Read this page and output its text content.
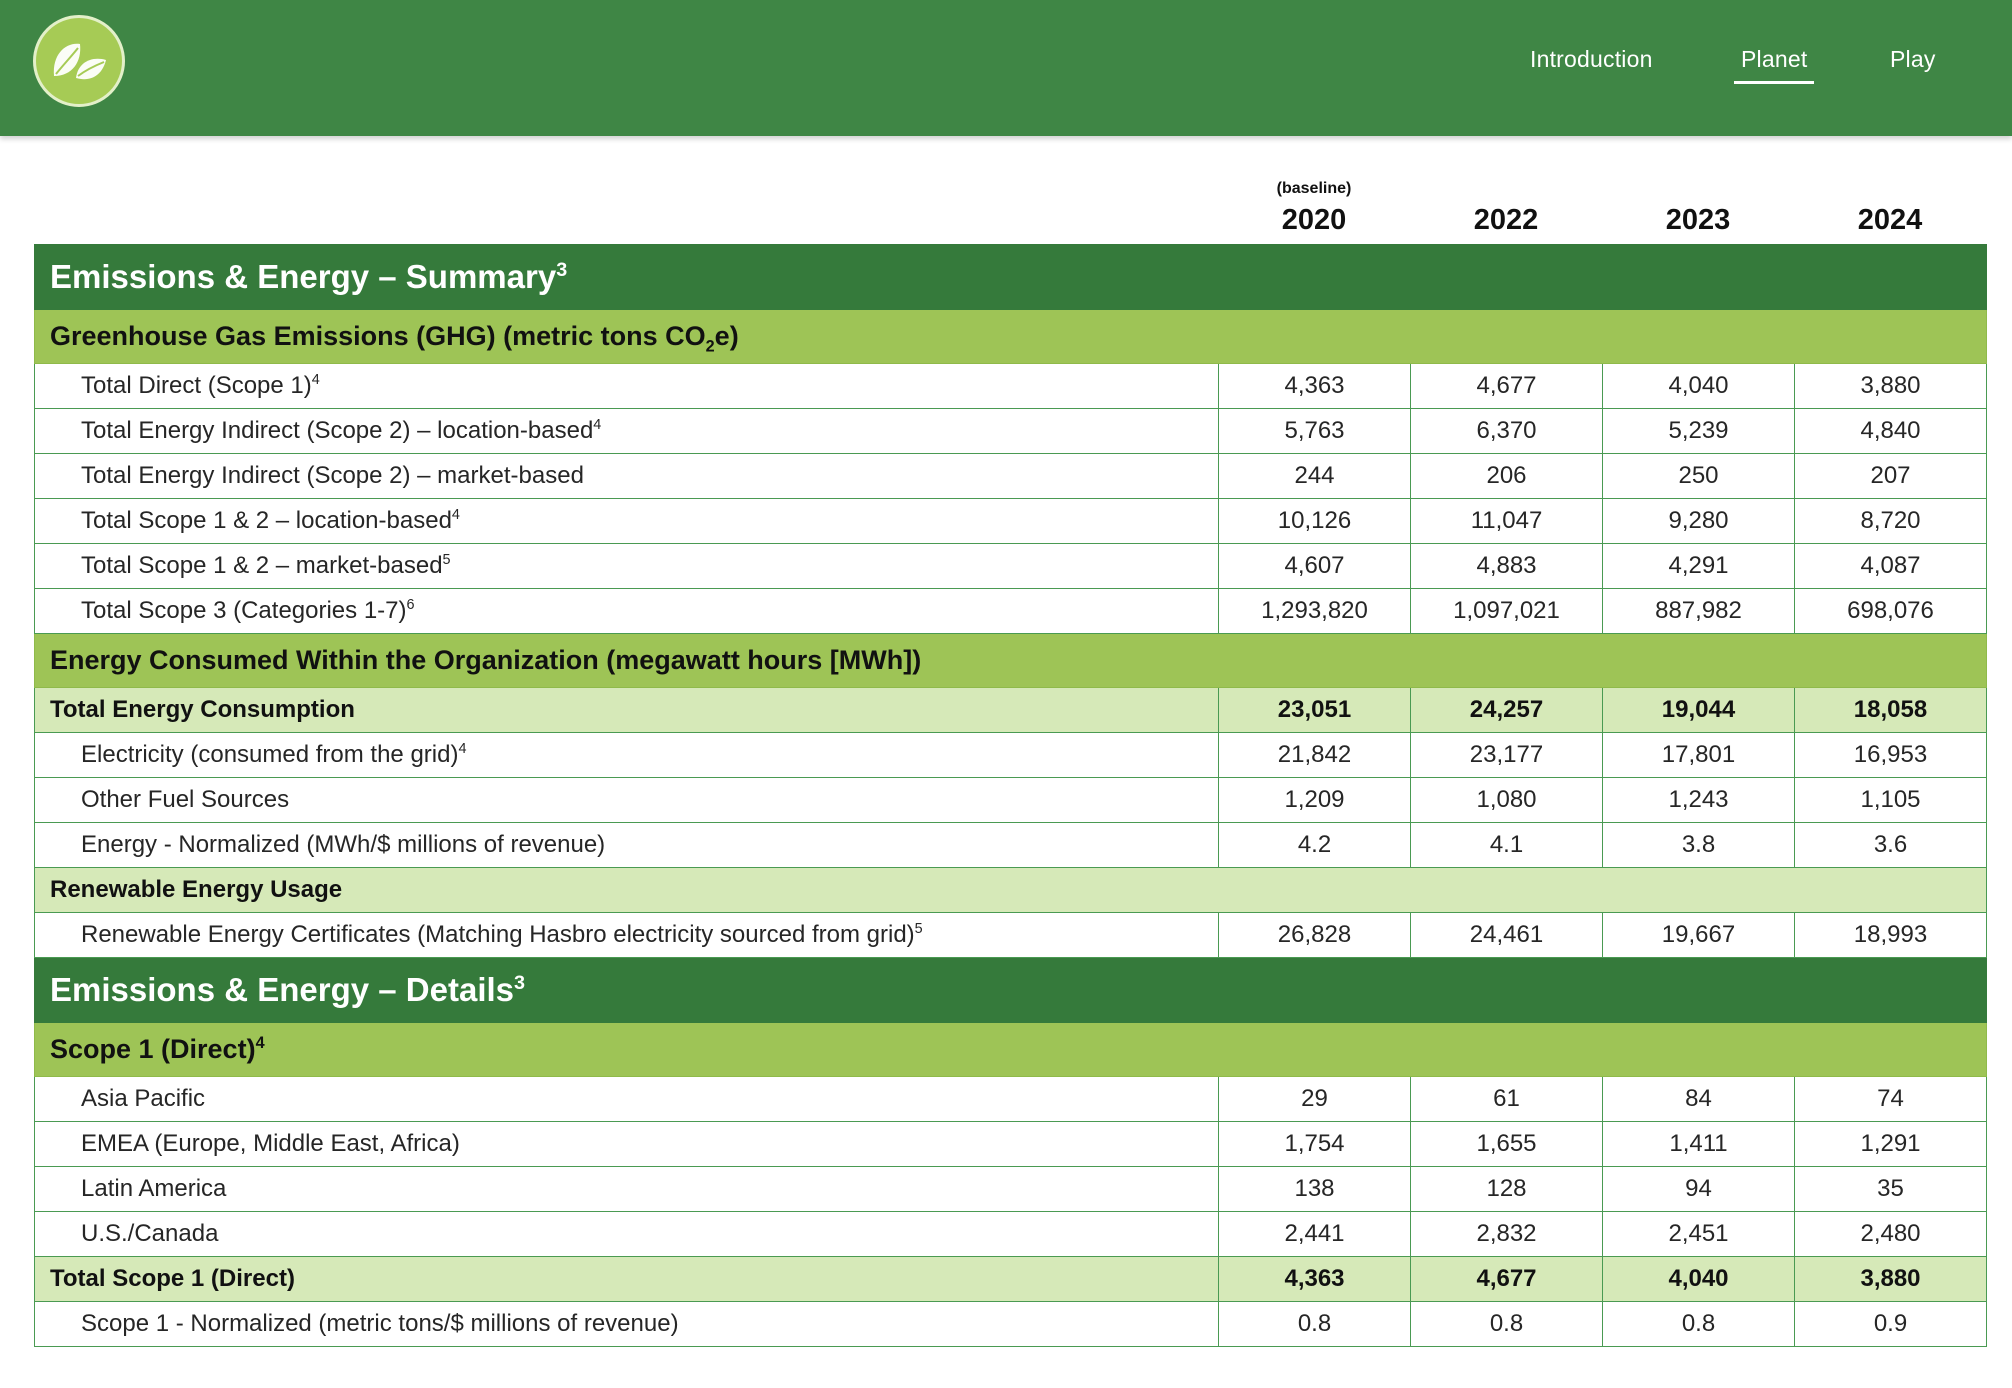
Introduction	Planet	Play
(baseline)
2020	2022	2023	2024
Emissions & Energy – Summary$^3$
Greenhouse Gas Emissions (GHG) (metric tons $CO_2e$)				
Total Direct (Scope 1)$^4$	4,363	4,677	4,040	3,880
Total Energy Indirect (Scope 2) – location-based$^4$	5,763	6,370	5,239	4,840
Total Energy Indirect (Scope 2) – market-based	244	206	250	207
Total Scope 1 & 2 – location-based$^4$	10,126	11,047	9,280	8,720
Total Scope 1 & 2 – market-based$^5$	4,607	4,883	4,291	4,087
Total Scope 3 (Categories 1-7)$^6$	1,293,820	1,097,021	887,982	698,076
Energy Consumed Within the Organization (megawatt hours [MWh])				
Total Energy Consumption	23,051	24,257	19,044	18,058
Electricity (consumed from the grid)$^4$	21,842	23,177	17,801	16,953
Other Fuel Sources	1,209	1,080	1,243	1,105
Energy - Normalized (MWh/$ millions of revenue)	4.2	4.1	3.8	3.6
Renewable Energy Usage				
Renewable Energy Certificates (Matching Hasbro electricity sourced from grid)$^5$	26,828	24,461	19,667	18,993
Emissions & Energy – Details$^3$
Scope 1 (Direct)$^4$
Asia Pacific	29	61	84	74
EMEA (Europe, Middle East, Africa)	1,754	1,655	1,411	1,291
Latin America	138	128	94	35
U.S./Canada	2,441	2,832	2,451	2,480
Total Scope 1 (Direct)	4,363	4,677	4,040	3,880
Scope 1 - Normalized (metric tons/$ millions of revenue)	0.8	0.8	0.8	0.9
